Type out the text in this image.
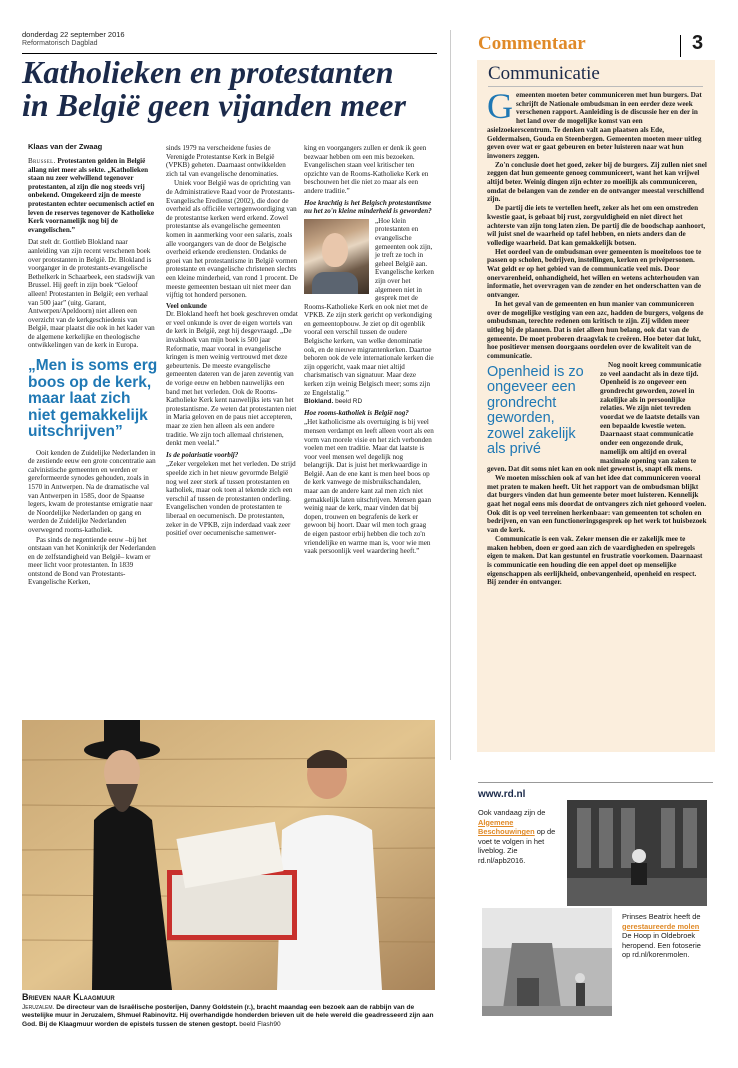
donderdag 22 september 2016
Reformatorisch Dagblad
Katholieken en protestanten
in België geen vijanden meer
Klaas van der Zwaag

Brussel. Protestanten gelden in België allang niet meer als sekte. „Katholieken staan nu zeer welwillend tegenover protestanten, al zijn die nog steeds vrij onbekend. Omgekeerd zijn de meeste protestanten echter oecumenisch actief en leven de reserves tegenover de Katholieke Kerk voornamelijk nog bij de evangelischen.”

Dat stelt dr. Gottlieb Blokland naar aanleiding van zijn recent verschenen boek over protestanten in België. Dr. Blokland is voorganger in de protestants-evangelische Bethelkerk in Schaarbeek, een stadswijk van Brussel. Hij geeft in zijn boek “Geloof alleen! Protestanten in België; een verhaal van 500 jaar” (uitg. Garant, Antwerpen/Apeldoorn) niet alleen een overzicht van de kerkgeschiedenis van België, maar plaatst die ook in het kader van de algemene kerkelijke en theologische ontwikkelingen van de kerk in Europa.

„Men is soms erg boos op de kerk, maar laat zich niet gemakkelijk uitschrijven”

Ooit kenden de Zuidelijke Nederlanden in de zestiende eeuw een grote concentratie aan calvinistische gemeenten en werden er gereformeerde synodes gehouden, zoals in 1570 in Antwerpen. Na de dramatische val van Antwerpen in 1585, door de Spaanse legers, kwam de protestantse emigratie naar de Noordelijke Nederlanden op gang en werden de Zuidelijke Nederlanden overwegend rooms-katholiek.

Pas sinds de negentiende eeuw –bij het ontstaan van het Koninkrijk der Nederlanden en de zelfstandigheid van België– kwam er meer licht voor protestanten. In 1839 ontstond de Bond van Protestants-Evangelische Kerken,

sinds 1979 na verscheidene fusies de Verenigde Protestantse Kerk in België (VPKB) geheten. Daarnaast ontwikkelden zich tal van evangelische denominaties.

Uniek voor België was de oprichting van de Administratieve Raad voor de Protestants-Evangelische Eredienst (2002), die door de overheid als officiële vertegenwoordiging van de protestantse kerken werd erkend. Zowel protestantse als evangelische gemeenten komen in aanmerking voor een salaris, zoals alle voorgangers van de door de Belgische overheid erkende erediensten. Ondanks de groei van het protestantisme in België vormen protestante en evangelische christenen slechts een kleine minderheid, van rond 1 procent. De meeste gemeenten bestaan uit niet meer dan vijftig tot honderd personen.

Veel onkunde

Dr. Blokland heeft het boek geschreven omdat er veel onkunde is over de eigen wortels van de kerk in België, zegt hij desgevraagd. „De invalshoek van mijn boek is 500 jaar Reformatie, maar vooral in evangelische kringen is men weinig vertrouwd met deze gebeurtenis. De meeste evangelische gemeenten dateren van de jaren zeventig van de vorige eeuw en hebben nauwelijks een band met het verleden. Ook de Rooms-Katholieke Kerk kent nauwelijks iets van het protestantisme. Ze weten dat protestanten niet in Maria geloven en de paus niet accepteren, maar ze zien hen alleen als een andere traditie. We zijn toch allemaal christenen, denkt men veelal.”

Is de polarisatie voorbij?

„Zeker vergeleken met het verleden. De strijd speelde zich in het nieuw gevormde België nog wel zeer sterk af tussen protestanten en katholiek, maar ook toen al tekende zich een verschil af tussen de protestanten onderling. Evangelischen vonden de protestanten te liberaal en oecumenisch. De protestanten, zeker in de VPKB, zijn inderdaad vaak zeer positief over oecumenische samenwer-

king en voorgangers zullen er denk ik geen bezwaar hebben om een mis bezoeken. Evangelischen staan veel kritischer ten opzichte van de Rooms-Katholieke Kerk en beschouwen het die niet zo maar als een andere traditie.”

Hoe krachtig is het Belgisch protestantisme nu het zo'n kleine minderheid is geworden?

„Hoe klein protestanten en evangelische gemeenten ook zijn, je treft ze toch in geheel België aan. Evangelische kerken zijn over het algemeen niet in gesprek met de Rooms-Katholieke Kerk en ook niet met de VPKB. Ze zijn sterk gericht op verkondiging en gemeentopbouw. Je ziet op dit ogenblik vooral een verschil tussen de oudere Belgische kerken, van welke denominatie ook, en de nieuwe migrantenkerken. Daartoe behoren ook de vele internationale kerken die zijn opgericht, vaak maar niet altijd charismatisch van signatuur. Maar deze kerken zijn weinig Belgisch meer; soms zijn ze Engelstalig.”

Blokland. beeld RD

Hoe rooms-katholiek is België nog?

„Het katholicisme als overtuiging is bij veel mensen verdampt en leeft alleen voort als een vorm van morele visie en het zich verbonden voelen met een traditie. Maar dat laatste is voor veel mensen wel degelijk nog belangrijk. Dat is juist het merkwaardige in België. Aan de ene kant is men heel boos op de kerk vanwege de misbruikschandalen, maar aan de andere kant zal men zich niet gemakkelijk laten uitschrijven. Mensen gaan weinig naar de kerk, maar vinden dat bij dopen, trouwen en begrafenis de kerk er gewoon bij hoort. Daar wil men toch graag de eigen pastoor erbij hebben die toch zo'n vriendelijke en warme man is, voor wie men vaak persoonlijk veel waardering heeft.”

Brieven naar Klaagmuur
Jeruzalem. De directeur van de Israëlische posterijen, Danny Goldstein (r.), bracht maandag een bezoek aan de rabbijn van de westelijke muur in Jeruzalem, Shmuel Rabinovitz. Hij overhandigde honderden brieven uit de hele wereld die geadresseerd zijn aan God. Bij de Klaagmuur worden de epistels tussen de stenen gestopt. beeld Flash90
Commentaar	3
Communicatie
G emeenten moeten beter communiceren met hun burgers. Dat schrijft de Nationale ombudsman in een eerder deze week verschenen rapport. Aanleiding is de discussie her en der in het land over de mogelijke komst van een asielzoekerscentrum. Te denken valt aan plaatsen als Ede, Geldermalsen, Gouda en Steenbergen. Gemeenten moeten meer uitleg geven over wat er gaat gebeuren en beter luisteren naar wat hun inwoners zeggen.

Zo'n conclusie doet het goed, zeker bij de burgers. Zij zullen niet snel zeggen dat hun gemeente genoeg communiceert, want het kan vrijwel altijd beter. Weinig dingen zijn echter zo moeilijk als communiceren, omdat de belangen van de zender en de ontvanger meestal verschillend zijn.

De partij die iets te vertellen heeft, zeker als het om een omstreden kwestie gaat, is gebaat bij rust, zorgvuldigheid en niet direct het achterste van zijn tong laten zien. De partij die de boodschap aanhoort, wil juist snel de waarheid op tafel hebben, en niets anders dan de volledige waarheid. Dat kan gemakkelijk botsen.

Het oordeel van de ombudsman over gemeenten is moeiteloos toe te passen op scholen, bedrijven, instellingen, kerken en privépersonen. Wat geldt er op het gebied van de communicatie veel mis. Door onervarenheid, onhandigheid, het willen en wetens achterhouden van informatie, het overvragen van de zender en het onderschatten van de ontvanger.

In het geval van de gemeenten en hun manier van communiceren over de mogelijke vestiging van een azc, hadden de burgers, volgens de ombudsman, terechte redenen om kritisch te zijn. Zij wilden meer uitleg bij de plannen. Dat is niet alleen hun belang, ook dat van de gemeente. De moet proberen draagvlak te creëren. Hoe beter dat lukt, hoe positiever mensen doorgaans oordelen over de kwaliteit van de communicatie.

Openheid is zo ongeveer een grondrecht geworden, zowel zakelijk als privé

Nog nooit kreeg communicatie zo veel aandacht als in deze tijd. Openheid is zo ongeveer een grondrecht geworden, zowel in zakelijke als in persoonlijke relaties. We zijn niet tevreden voordat we de laatste details van een bepaalde kwestie weten. Daarnaast staat communicatie onder een ongezonde druk, namelijk om altijd en overal maximale opening van zaken te geven. Dat dit soms niet kan en ook niet gewenst is, snapt elk mens.

We moeten misschien ook af van het idee dat communiceren vooral met praten te maken heeft. Uit het rapport van de ombudsman blijkt dat burgers vinden dat hun gemeente beter moet luisteren. Kennelijk gaat het nogal eens mis doordat de ontvangers zich niet gehoord voelen. Ook dit is op veel terreinen herkenbaar: van gemeenten tot scholen en bedrijven, en van een functioneringsgesprek op het werk tot huisbezoek van de kerk.

Communicatie is een vak. Zeker mensen die er zakelijk mee te maken hebben, doen er goed aan zich de vaardigheden en spelregels eigen te maken. Dat kan gestuntel en frustratie voorkomen. Daarnaast is communicatie een houding die een appel doet op menselijke eigenschappen als eerlijkheid, onbevangenheid, openheid en respect. Bij zender én ontvanger.

www.rd.nl
Ook vandaag zijn de Algemene Beschouwingen op de voet te volgen in het liveblog. Zie rd.nl/apb2016.
Prinses Beatrix heeft de gerestaureerde molen De Hoop in Oldebroek heropend. Een fotoserie op rd.nl/korenmolen.
